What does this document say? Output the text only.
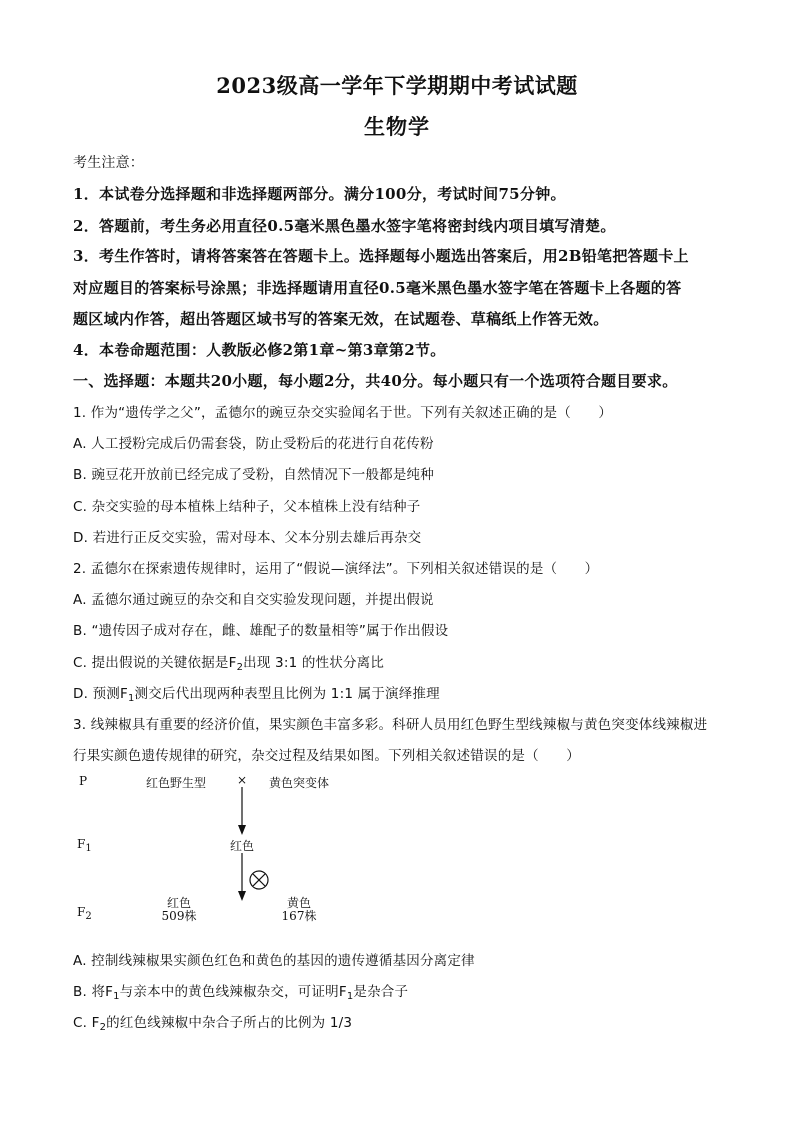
2023级高一学年下学期期中考试试题
生物学
考生注意：
1．本试卷分选择题和非选择题两部分。满分100分，考试时间75分钟。
2．答题前，考生务必用直径0.5毫米黑色墨水签字笔将密封线内项目填写清楚。
3．考生作答时，请将答案答在答题卡上。选择题每小题选出答案后，用2B铅笔把答题卡上
对应题目的答案标号涂黑；非选择题请用直径0.5毫米黑色墨水签字笔在答题卡上各题的答
题区域内作答，超出答题区域书写的答案无效，在试题卷、草稿纸上作答无效。
4．本卷命题范围：人教版必修2第1章~第3章第2节。
一、选择题：本题共20小题，每小题2分，共40分。每小题只有一个选项符合题目要求。
1. 作为“遗传学之父”，孟德尔的豌豆杂交实验闻名于世。下列有关叙述正确的是（　　）
A. 人工授粉完成后仍需套袋，防止受粉后的花进行自花传粉
B. 豌豆花开放前已经完成了受粉，自然情况下一般都是纯种
C. 杂交实验的母本植株上结种子，父本植株上没有结种子
D. 若进行正反交实验，需对母本、父本分别去雄后再杂交
2. 孟德尔在探索遗传规律时，运用了“假说—演绎法”。下列相关叙述错误的是（　　）
A. 孟德尔通过豌豆的杂交和自交实验发现问题，并提出假说
B. “遗传因子成对存在，雌、雄配子的数量相等”属于作出假设
C. 提出假说的关键依据是$F_2$出现 3:1 的性状分离比
D. 预测$F_1$测交后代出现两种表型且比例为 1:1 属于演绎推理
3. 线辣椒具有重要的经济价值，果实颜色丰富多彩。科研人员用红色野生型线辣椒与黄色突变体线辣椒进
行果实颜色遗传规律的研究，杂交过程及结果如图。下列相关叙述错误的是（　　）
P	红色野生型	× 黄色突变体
$F_1$	红色
$F_2$
红色
509株
黄色
167株
A. 控制线辣椒果实颜色红色和黄色的基因的遗传遵循基因分离定律
B. 将$F_1$与亲本中的黄色线辣椒杂交，可证明$F_1$是杂合子
C. $F_2$的红色线辣椒中杂合子所占的比例为 1/3
